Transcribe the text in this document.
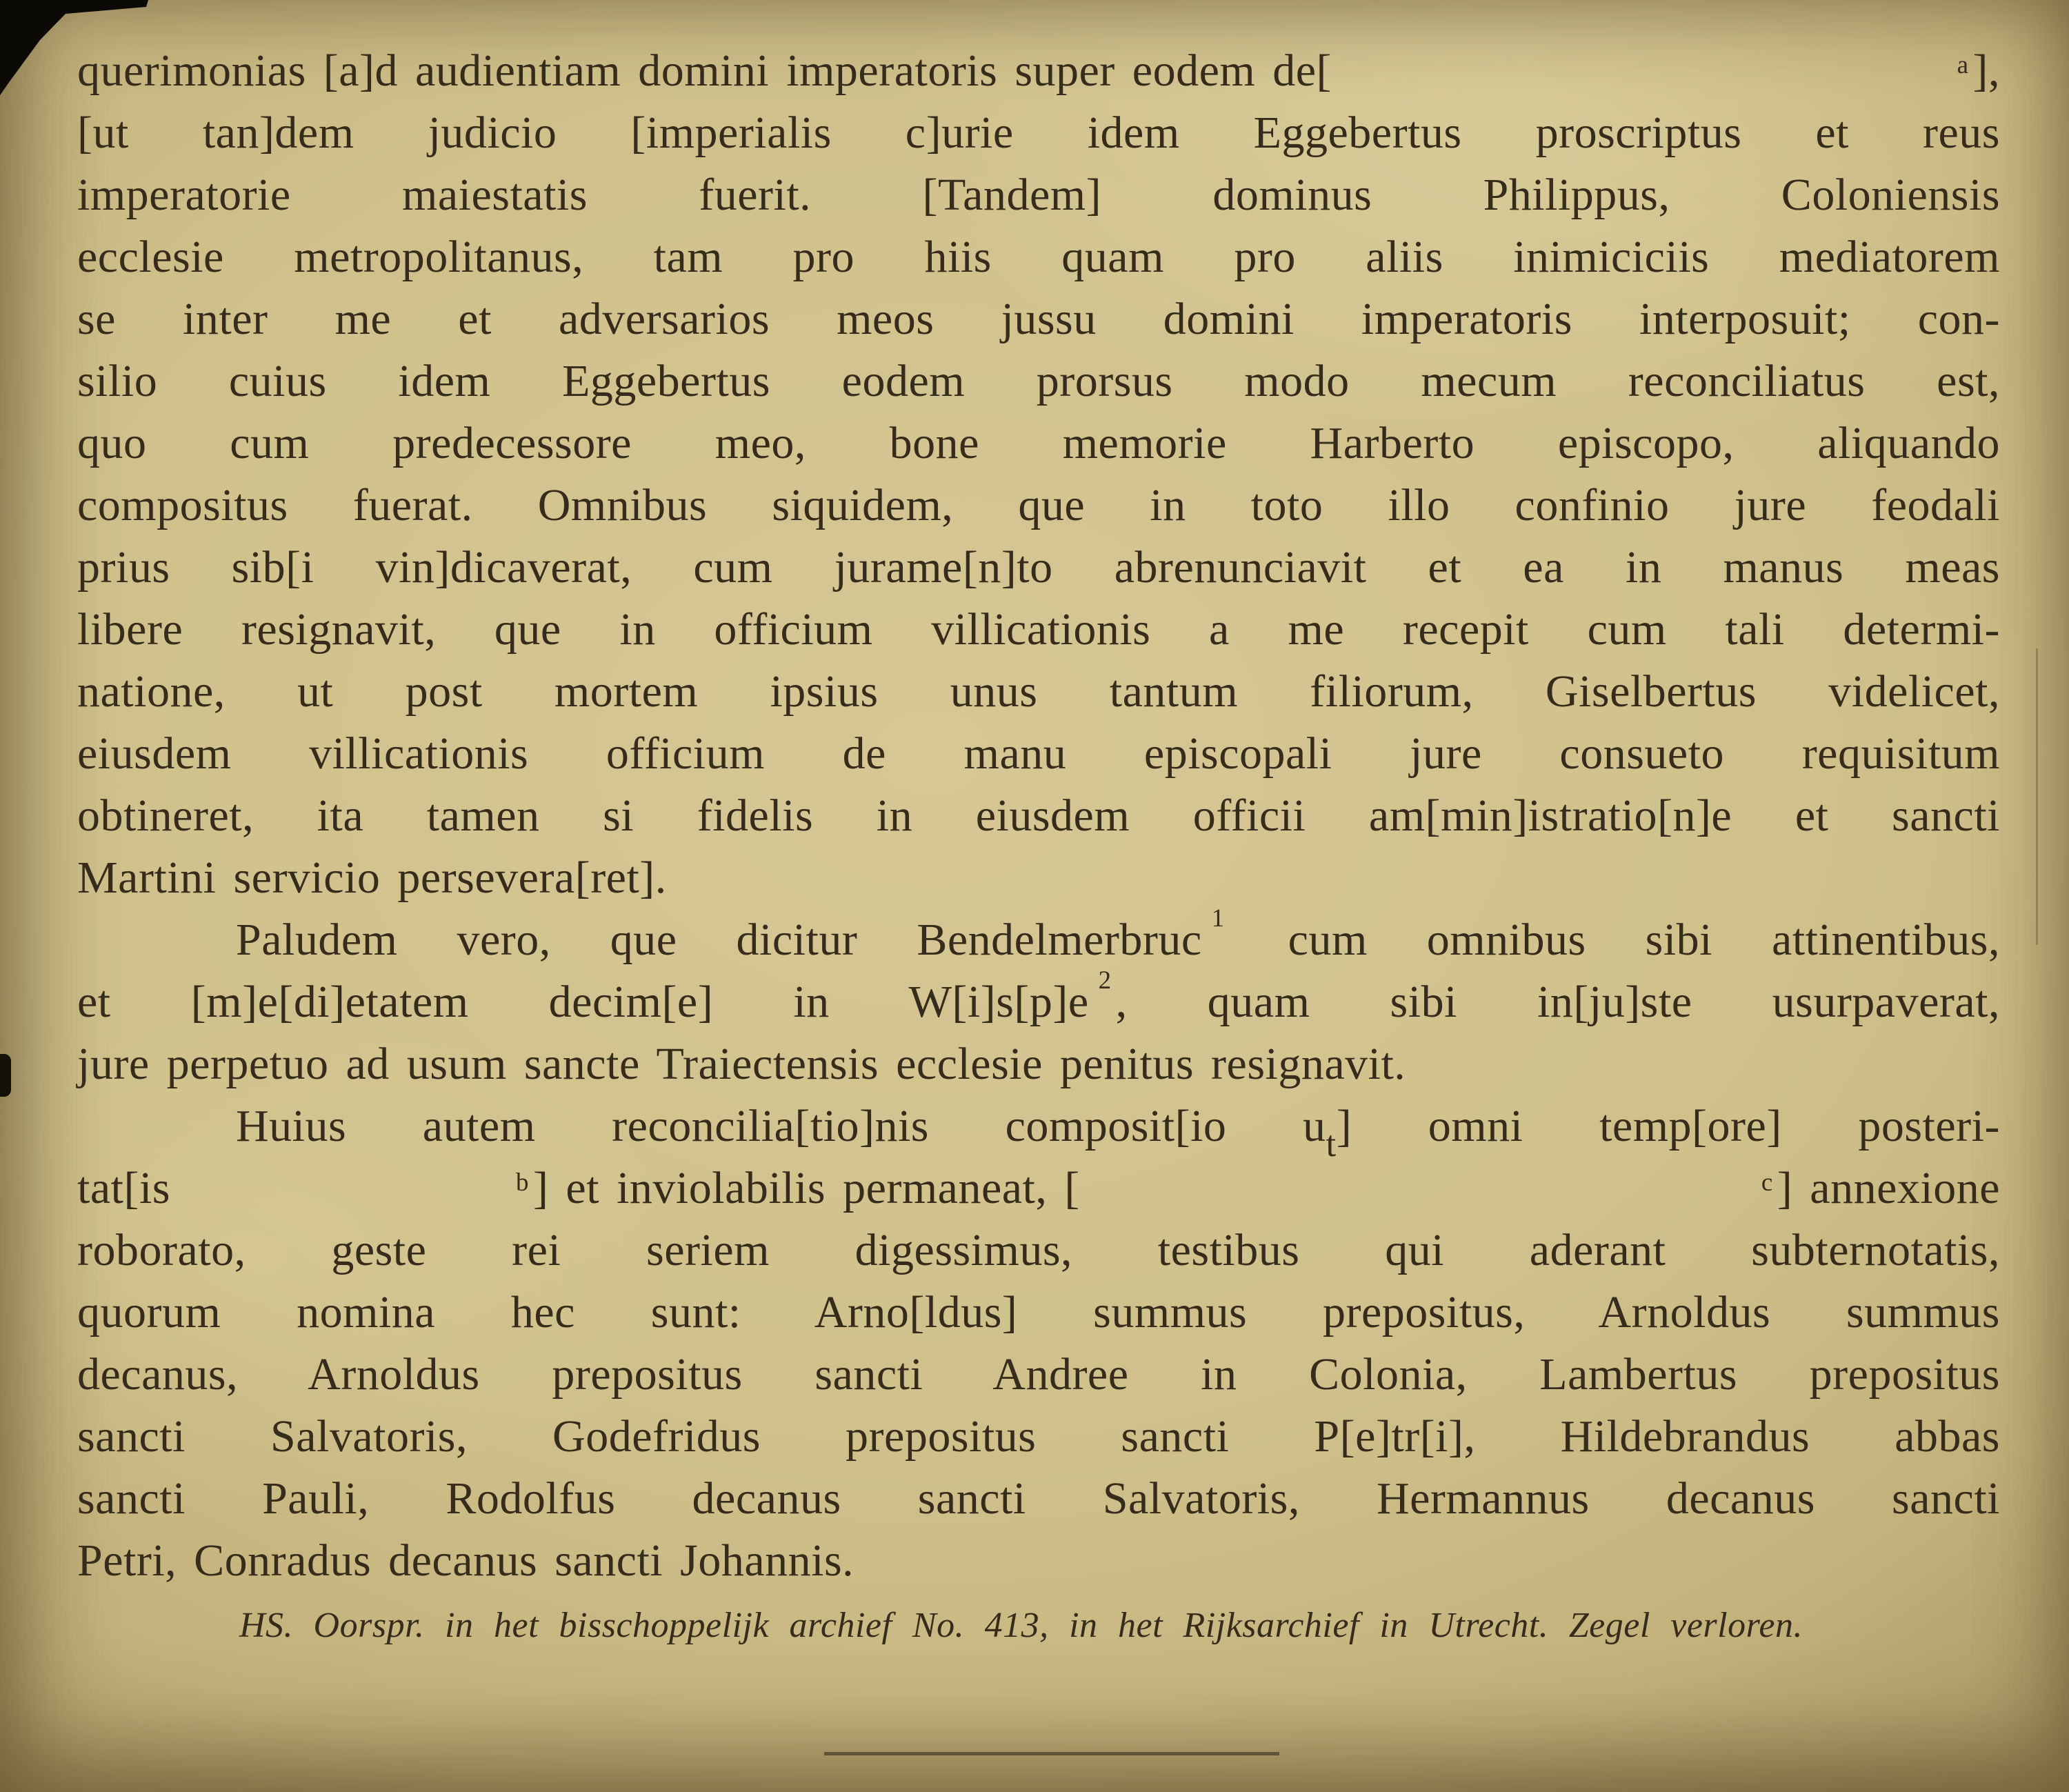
querimonias [a]d audientiam domini imperatoris super eodem de[	$^a$ ],
[ut tan]dem judicio [imperialis c]urie idem Eggebertus proscriptus et reus
imperatorie maiestatis fuerit. [Tandem] dominus Philippus, Coloniensis
ecclesie metropolitanus, tam pro hiis quam pro aliis inimiciciis mediatorem
se inter me et adversarios meos jussu domini imperatoris interposuit; con-
silio cuius idem Eggebertus eodem prorsus modo mecum reconciliatus est,
quo cum predecessore meo, bone memorie Harberto episcopo, aliquando
compositus fuerat. Omnibus siquidem, que in toto illo confinio jure feodali
prius sib[i vin]dicaverat, cum jurame[n]to abrenunciavit et ea in manus meas
libere resignavit, que in officium villicationis a me recepit cum tali determi-
natione, ut post mortem ipsius unus tantum filiorum, Giselbertus videlicet,
eiusdem villicationis officium de manu episcopali jure consueto requisitum
obtineret, ita tamen si fidelis in eiusdem officii am[min]istratio[n]e et sancti
Martini servicio persevera[ret].
Paludem vero, que dicitur Bendelmerbruc $^1$ cum omnibus sibi attinentibus,
et [m]e[di]etatem decim[e] in W[i]s[p]e $^2$, quam sibi in[ju]ste usurpaverat,
jure perpetuo ad usum sancte Traiectensis ecclesie penitus resignavit.
Huius autem reconcilia[tio]nis composit[io $u_t$] omni temp[ore] posteri-
tat[is	$^b$ ] et inviolabilis permaneat, [	$^c$ ] annexione
roborato, geste rei seriem digessimus, testibus qui aderant subternotatis,
quorum nomina hec sunt: Arno[ldus] summus prepositus, Arnoldus summus
decanus, Arnoldus prepositus sancti Andree in Colonia, Lambertus prepositus
sancti Salvatoris, Godefridus prepositus sancti P[e]tr[i], Hildebrandus abbas
sancti Pauli, Rodolfus decanus sancti Salvatoris, Hermannus decanus sancti
Petri, Conradus decanus sancti Johannis.
HS. Oorspr. in het bisschoppelijk archief No. 413, in het Rijksarchief in Utrecht. Zegel verloren.
